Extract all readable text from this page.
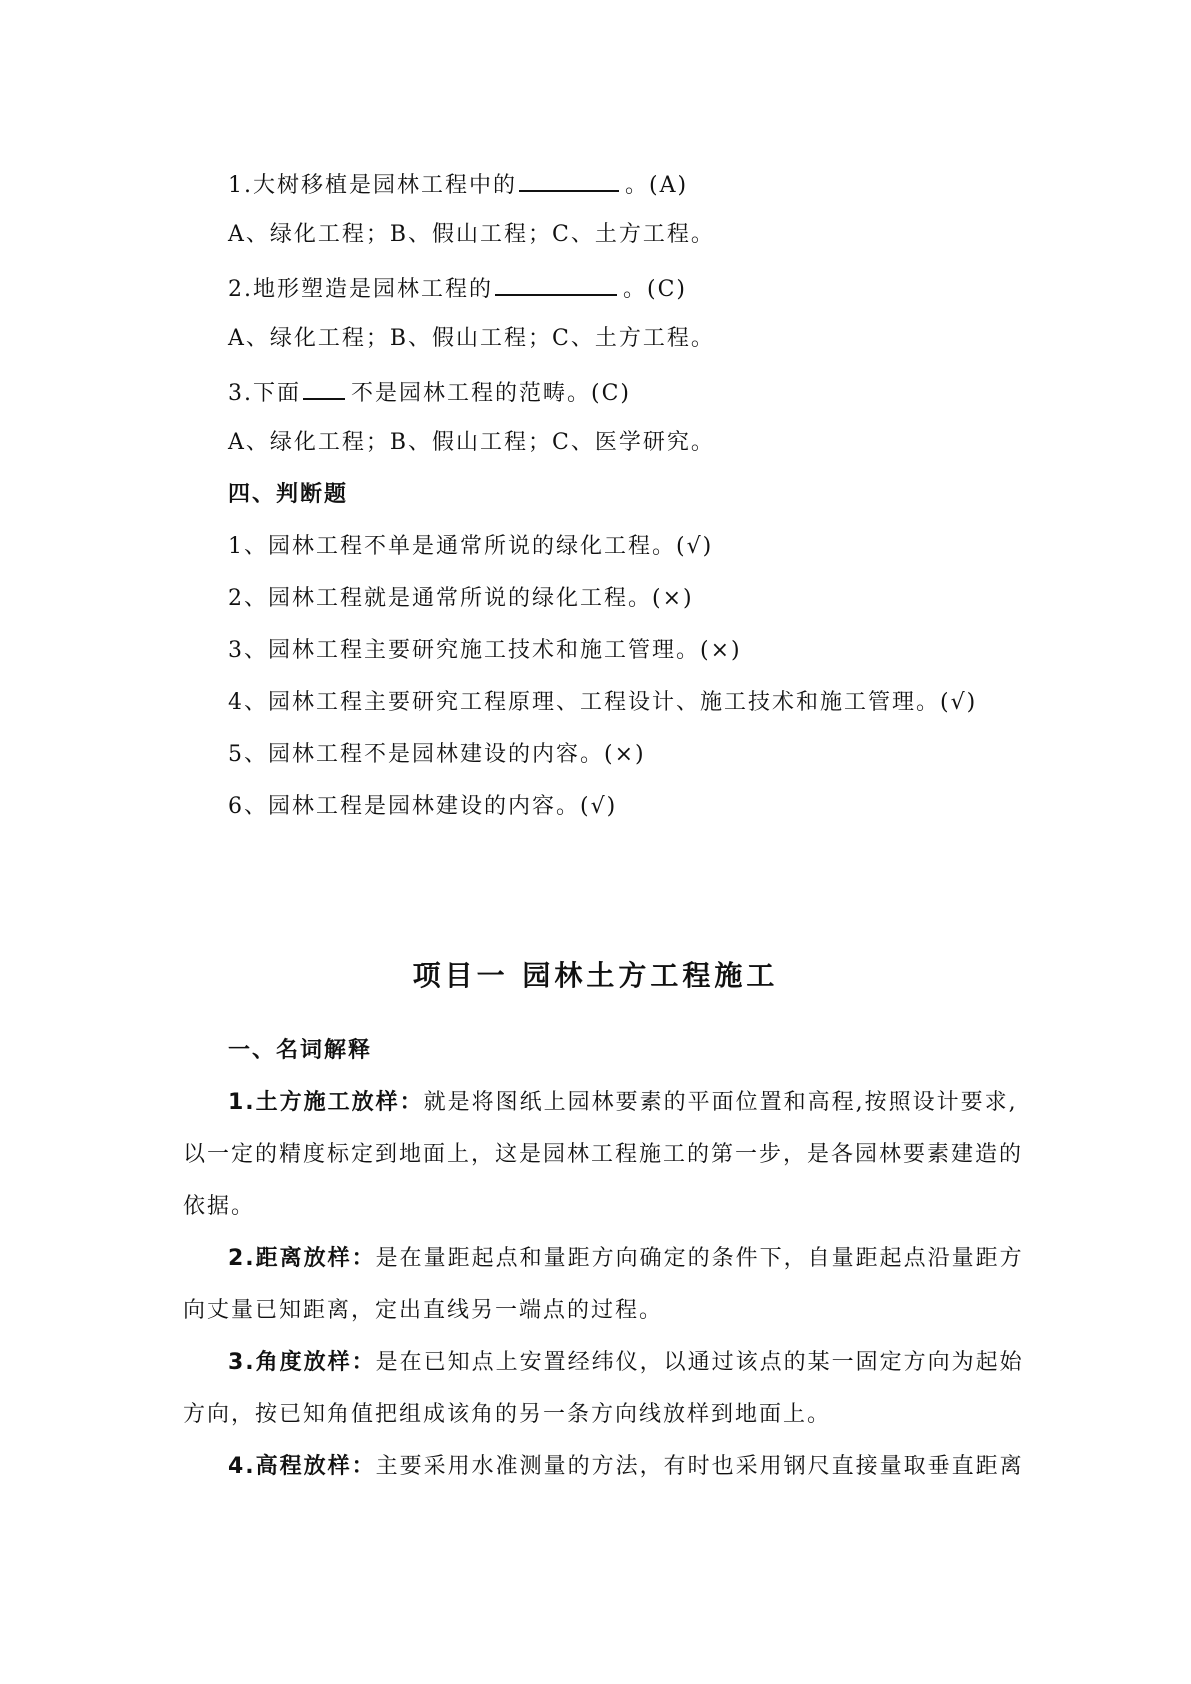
1.大树移植是园林工程中的	。(A)
A、绿化工程；B、假山工程；C、土方工程。
2.地形塑造是园林工程的	。(C)
A、绿化工程；B、假山工程；C、土方工程。
3.下面 不是园林工程的范畴。(C)
A、绿化工程；B、假山工程；C、医学研究。
四、判断题
1、园林工程不单是通常所说的绿化工程。(√)
2、园林工程就是通常所说的绿化工程。(×)
3、园林工程主要研究施工技术和施工管理。(×)
4、园林工程主要研究工程原理、工程设计、施工技术和施工管理。(√)
5、园林工程不是园林建设的内容。(×)
6、园林工程是园林建设的内容。(√)
项目一 园林土方工程施工
一、名词解释
1.土方施工放样：就是将图纸上园林要素的平面位置和高程,按照设计要求,
以一定的精度标定到地面上，这是园林工程施工的第一步，是各园林要素建造的
依据。
2.距离放样：是在量距起点和量距方向确定的条件下，自量距起点沿量距方
向丈量已知距离，定出直线另一端点的过程。
3.角度放样：是在已知点上安置经纬仪，以通过该点的某一固定方向为起始
方向，按已知角值把组成该角的另一条方向线放样到地面上。
4.高程放样：主要采用水准测量的方法，有时也采用钢尺直接量取垂直距离
